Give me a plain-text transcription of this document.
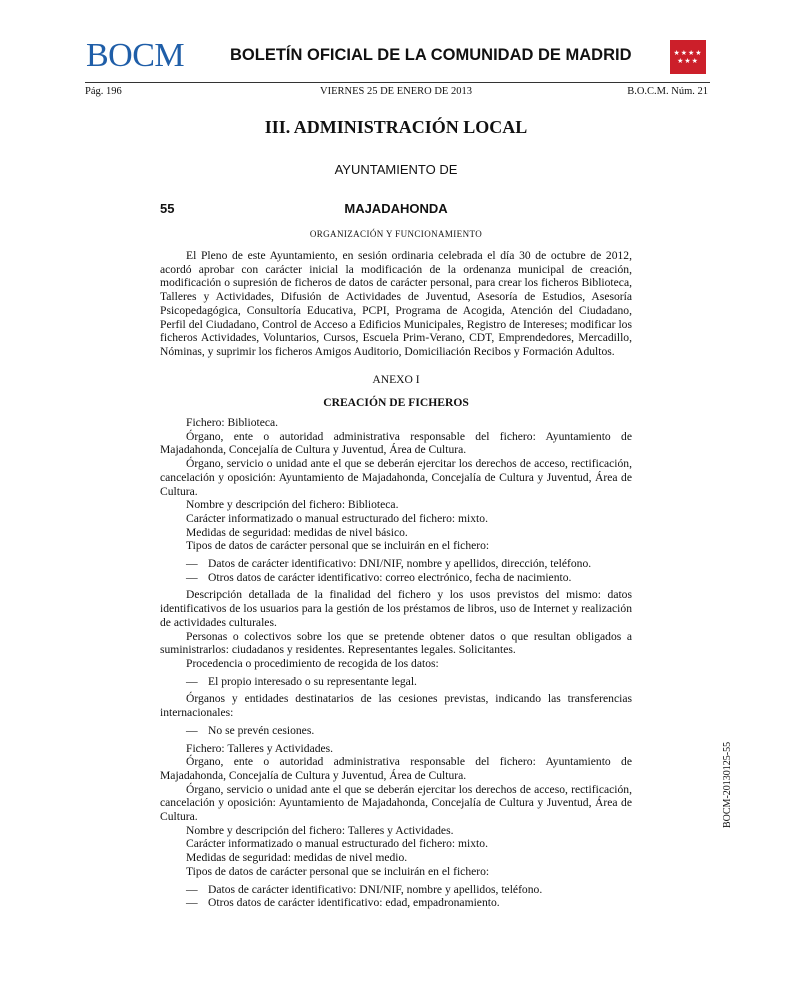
BOCM	BOLETÍN OFICIAL DE LA COMUNIDAD DE MADRID	★★★★ ★★★
Pág. 196	VIERNES 25 DE ENERO DE 2013	B.O.C.M. Núm. 21
III. ADMINISTRACIÓN LOCAL
AYUNTAMIENTO DE
55	MAJADAHONDA
ORGANIZACIÓN Y FUNCIONAMIENTO

El Pleno de este Ayuntamiento, en sesión ordinaria celebrada el día 30 de octubre de 2012, acordó aprobar con carácter inicial la modificación de la ordenanza municipal de creación, modificación o supresión de ficheros de datos de carácter personal, para crear los ficheros Biblioteca, Talleres y Actividades, Difusión de Actividades de Juventud, Asesoría de Estudios, Asesoría Psicopedagógica, Consultoría Educativa, PCPI, Programa de Acogida, Atención del Ciudadano, Perfil del Ciudadano, Control de Acceso a Edificios Municipales, Registro de Intereses; modificar los ficheros Actividades, Voluntarios, Cursos, Escuela Prim-Verano, CDT, Emprendedores, Mercadillo, Nóminas, y suprimir los ficheros Amigos Auditorio, Domiciliación Recibos y Formación Adultos.

ANEXO I

CREACIÓN DE FICHEROS

Fichero: Biblioteca.

Órgano, ente o autoridad administrativa responsable del fichero: Ayuntamiento de Majadahonda, Concejalía de Cultura y Juventud, Área de Cultura.

Órgano, servicio o unidad ante el que se deberán ejercitar los derechos de acceso, rectificación, cancelación y oposición: Ayuntamiento de Majadahonda, Concejalía de Cultura y Juventud, Área de Cultura.

Nombre y descripción del fichero: Biblioteca.

Carácter informatizado o manual estructurado del fichero: mixto.

Medidas de seguridad: medidas de nivel básico.

Tipos de datos de carácter personal que se incluirán en el fichero:

— Datos de carácter identificativo: DNI/NIF, nombre y apellidos, dirección, teléfono.
— Otros datos de carácter identificativo: correo electrónico, fecha de nacimiento.

Descripción detallada de la finalidad del fichero y los usos previstos del mismo: datos identificativos de los usuarios para la gestión de los préstamos de libros, uso de Internet y realización de actividades culturales.

Personas o colectivos sobre los que se pretende obtener datos o que resultan obligados a suministrarlos: ciudadanos y residentes. Representantes legales. Solicitantes.

Procedencia o procedimiento de recogida de los datos:

— El propio interesado o su representante legal.

Órganos y entidades destinatarios de las cesiones previstas, indicando las transferencias internacionales:

— No se prevén cesiones.

Fichero: Talleres y Actividades.

Órgano, ente o autoridad administrativa responsable del fichero: Ayuntamiento de Majadahonda, Concejalía de Cultura y Juventud, Área de Cultura.

Órgano, servicio o unidad ante el que se deberán ejercitar los derechos de acceso, rectificación, cancelación y oposición: Ayuntamiento de Majadahonda, Concejalía de Cultura y Juventud, Área de Cultura.

Nombre y descripción del fichero: Talleres y Actividades.

Carácter informatizado o manual estructurado del fichero: mixto.

Medidas de seguridad: medidas de nivel medio.

Tipos de datos de carácter personal que se incluirán en el fichero:

— Datos de carácter identificativo: DNI/NIF, nombre y apellidos, teléfono.
— Otros datos de carácter identificativo: edad, empadronamiento.
BOCM-20130125-55
